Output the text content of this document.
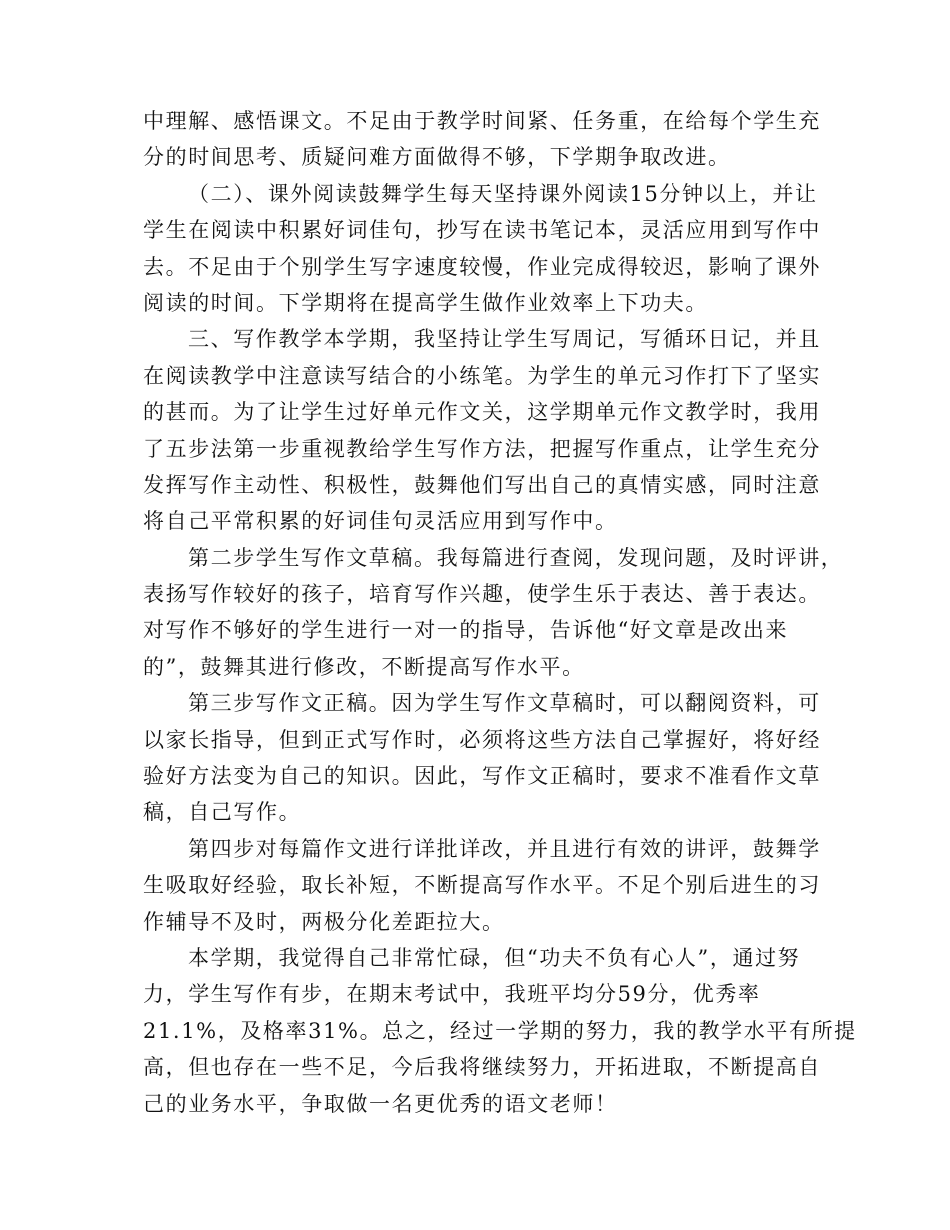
中理解、感悟课文。不足由于教学时间紧、任务重，在给每个学生充

分的时间思考、质疑问难方面做得不够，下学期争取改进。

（二）、课外阅读鼓舞学生每天坚持课外阅读15分钟以上，并让

学生在阅读中积累好词佳句，抄写在读书笔记本，灵活应用到写作中

去。不足由于个别学生写字速度较慢，作业完成得较迟，影响了课外

阅读的时间。下学期将在提高学生做作业效率上下功夫。

三、写作教学本学期，我坚持让学生写周记，写循环日记，并且

在阅读教学中注意读写结合的小练笔。为学生的单元习作打下了坚实

的甚而。为了让学生过好单元作文关，这学期单元作文教学时，我用

了五步法第一步重视教给学生写作方法，把握写作重点，让学生充分

发挥写作主动性、积极性，鼓舞他们写出自己的真情实感，同时注意

将自己平常积累的好词佳句灵活应用到写作中。

第二步学生写作文草稿。我每篇进行查阅，发现问题，及时评讲，

表扬写作较好的孩子，培育写作兴趣，使学生乐于表达、善于表达。

对写作不够好的学生进行一对一的指导，告诉他“好文章是改出来

的”，鼓舞其进行修改，不断提高写作水平。

第三步写作文正稿。因为学生写作文草稿时，可以翻阅资料，可

以家长指导，但到正式写作时，必须将这些方法自己掌握好，将好经

验好方法变为自己的知识。因此，写作文正稿时，要求不准看作文草

稿，自己写作。

第四步对每篇作文进行详批详改，并且进行有效的讲评，鼓舞学

生吸取好经验，取长补短，不断提高写作水平。不足个别后进生的习

作辅导不及时，两极分化差距拉大。

本学期，我觉得自己非常忙碌，但“功夫不负有心人”，通过努

力，学生写作有步，在期末考试中，我班平均分59分，优秀率

21.1%，及格率31%。总之，经过一学期的努力，我的教学水平有所提

高，但也存在一些不足，今后我将继续努力，开拓进取，不断提高自

己的业务水平，争取做一名更优秀的语文老师！
